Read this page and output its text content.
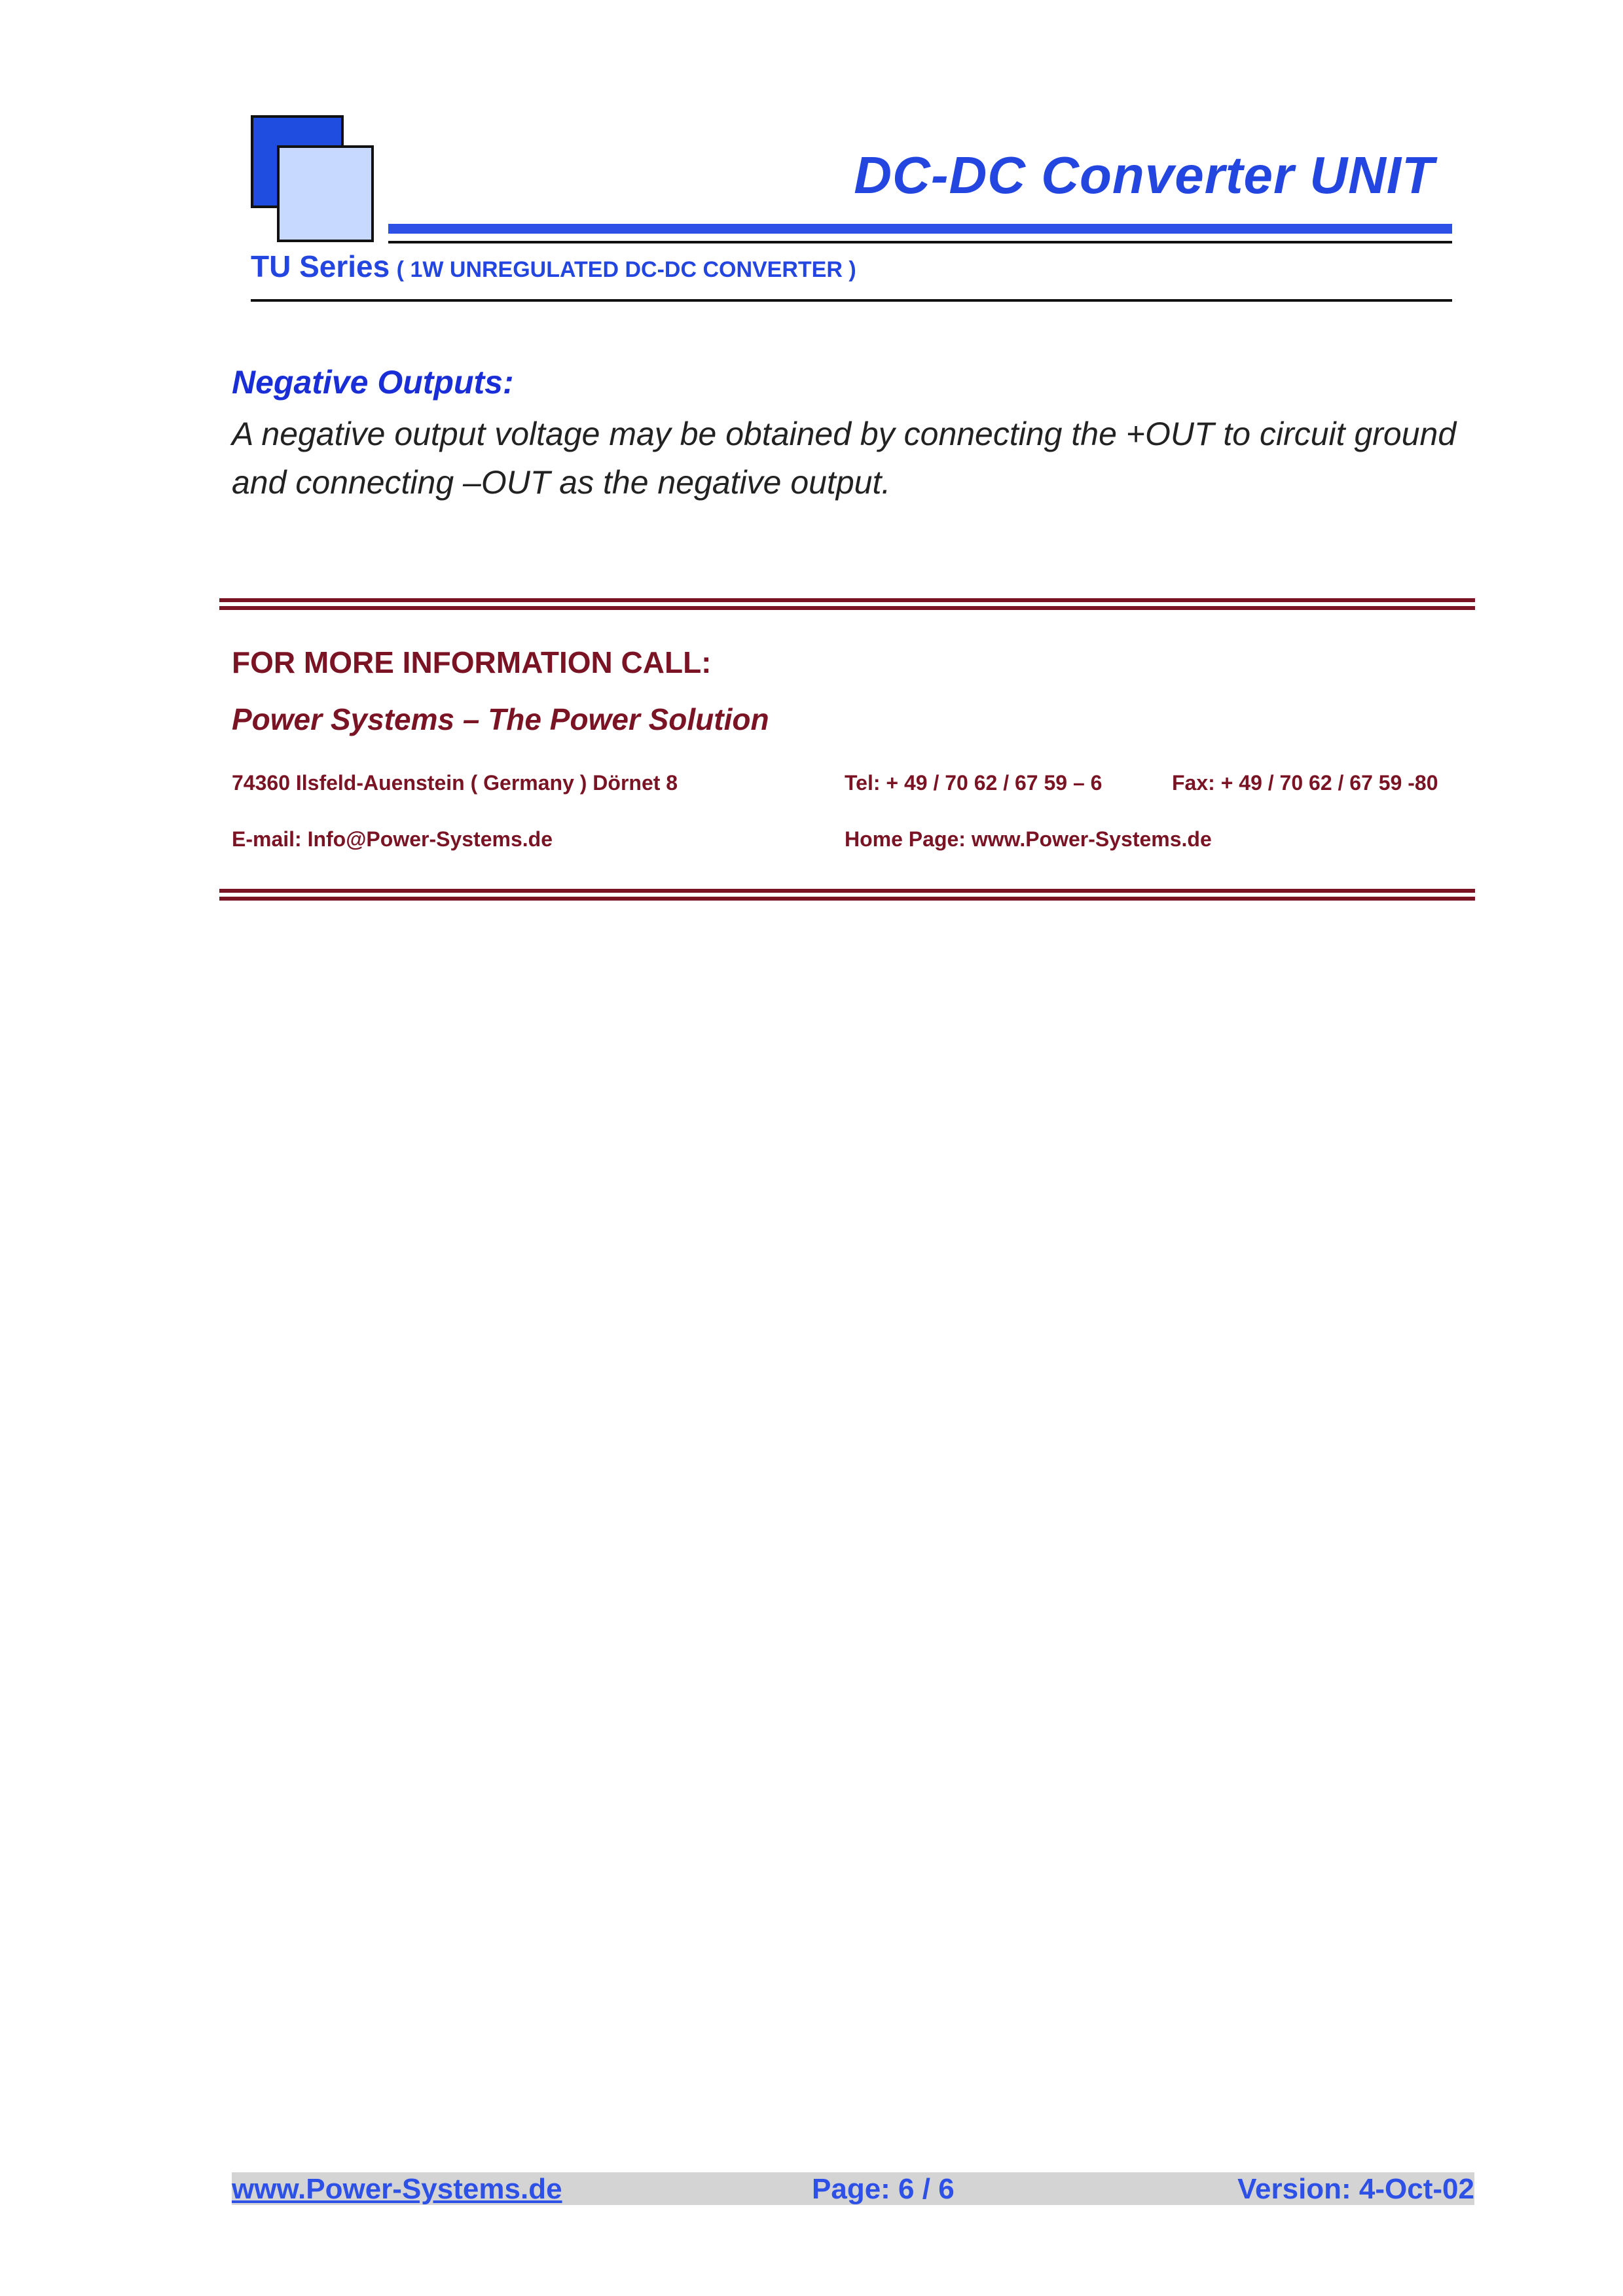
DC-DC Converter UNIT
TU Series ( 1W UNREGULATED DC-DC CONVERTER )
Negative Outputs:
A negative output voltage may be obtained by connecting the +OUT to circuit ground and connecting –OUT as the negative output.
FOR MORE INFORMATION CALL:
Power Systems – The Power Solution
74360 Ilsfeld-Auenstein ( Germany ) Dörnet 8	Tel: + 49 / 70 62 / 67 59 – 6	Fax: + 49 / 70 62 / 67 59 -80
E-mail: Info@Power-Systems.de	Home Page: www.Power-Systems.de
www.Power-Systems.de	Page: 6 / 6	Version: 4-Oct-02
